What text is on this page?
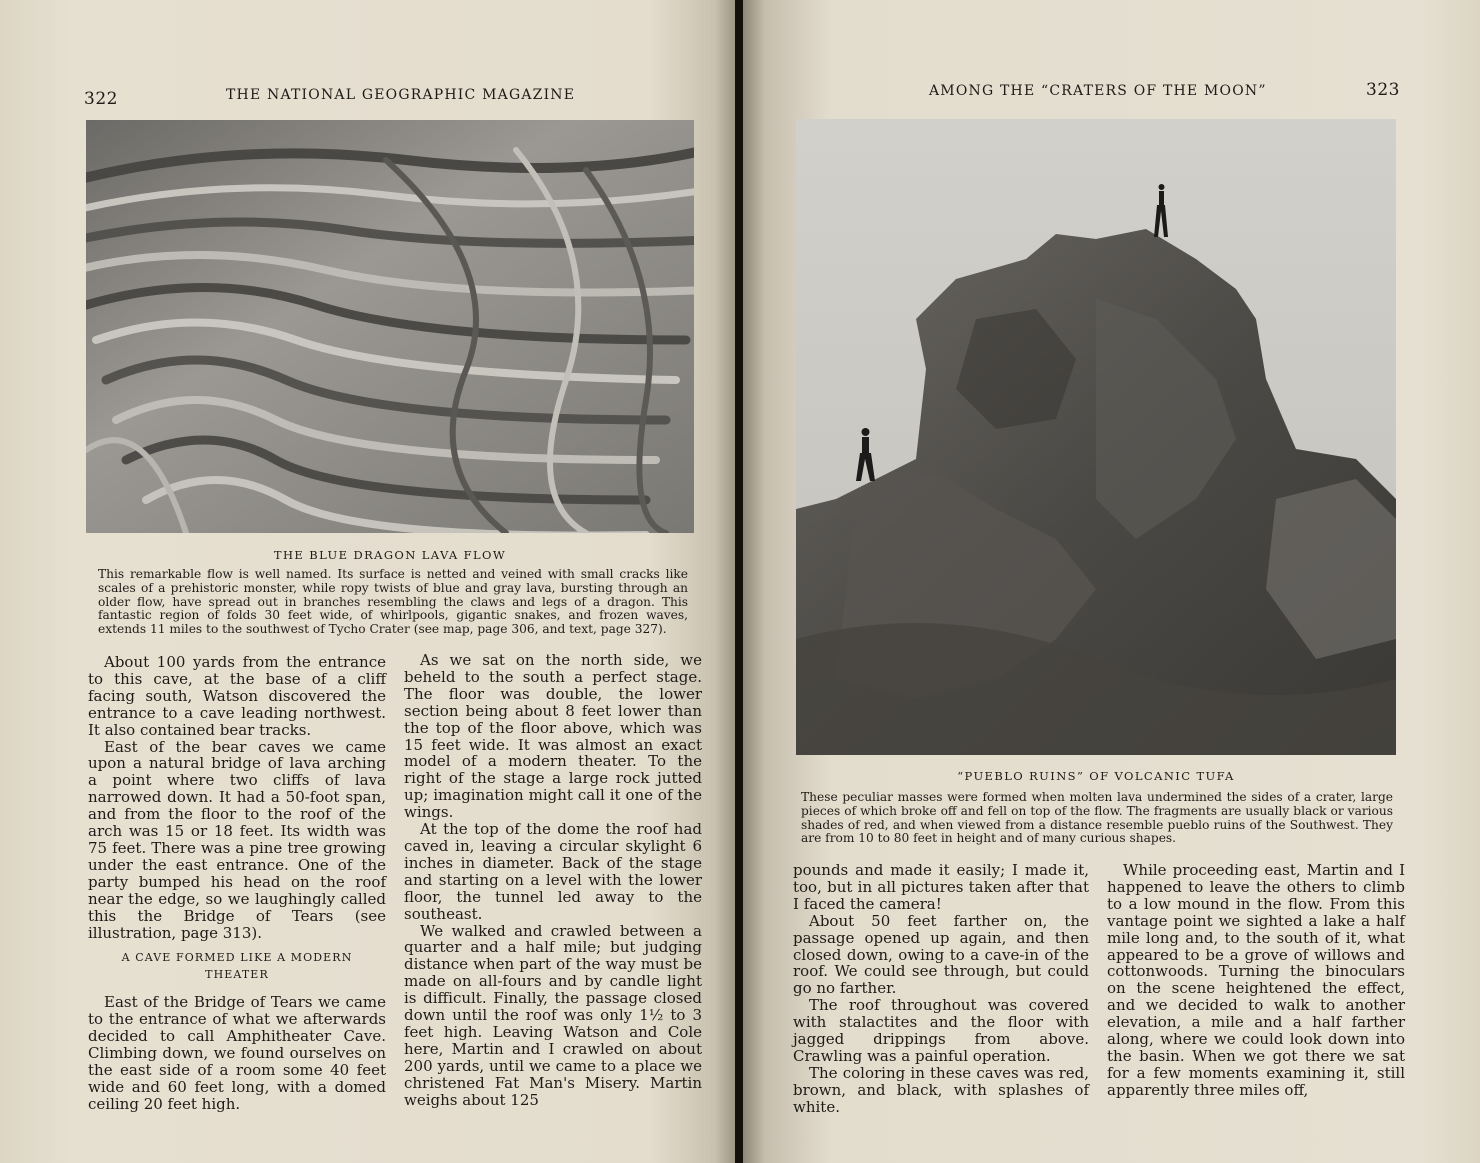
322	THE NATIONAL GEOGRAPHIC MAGAZINE
THE BLUE DRAGON LAVA FLOW
This remarkable flow is well named. Its surface is netted and veined with small cracks like scales of a prehistoric monster, while ropy twists of blue and gray lava, bursting through an older flow, have spread out in branches resembling the claws and legs of a dragon. This fantastic region of folds 30 feet wide, of whirlpools, gigantic snakes, and frozen waves, extends 11 miles to the southwest of Tycho Crater (see map, page 306, and text, page 327).

About 100 yards from the entrance to this cave, at the base of a cliff facing south, Watson discovered the entrance to a cave leading northwest. It also contained bear tracks.

East of the bear caves we came upon a natural bridge of lava arching a point where two cliffs of lava narrowed down. It had a 50-foot span, and from the floor to the roof of the arch was 15 or 18 feet. Its width was 75 feet. There was a pine tree growing under the east entrance. One of the party bumped his head on the roof near the edge, so we laughingly called this the Bridge of Tears (see illustration, page 313).

A CAVE FORMED LIKE A MODERN THEATER

East of the Bridge of Tears we came to the entrance of what we afterwards decided to call Amphitheater Cave. Climbing down, we found ourselves on the east side of a room some 40 feet wide and 60 feet long, with a domed ceiling 20 feet high.

As we sat on the north side, we beheld to the south a perfect stage. The floor was double, the lower section being about 8 feet lower than the top of the floor above, which was 15 feet wide. It was almost an exact model of a modern theater. To the right of the stage a large rock jutted up; imagination might call it one of the wings.

At the top of the dome the roof had caved in, leaving a circular skylight 6 inches in diameter. Back of the stage and starting on a level with the lower floor, the tunnel led away to the southeast.

We walked and crawled between a quarter and a half mile; but judging distance when part of the way must be made on all-fours and by candle light is difficult. Finally, the passage closed down until the roof was only 1½ to 3 feet high. Leaving Watson and Cole here, Martin and I crawled on about 200 yards, until we came to a place we christened Fat Man's Misery. Martin weighs about 125

AMONG THE “CRATERS OF THE MOON”	323
“PUEBLO RUINS” OF VOLCANIC TUFA
These peculiar masses were formed when molten lava undermined the sides of a crater, large pieces of which broke off and fell on top of the flow. The fragments are usually black or various shades of red, and when viewed from a distance resemble pueblo ruins of the Southwest. They are from 10 to 80 feet in height and of many curious shapes.

pounds and made it easily; I made it, too, but in all pictures taken after that I faced the camera!

About 50 feet farther on, the passage opened up again, and then closed down, owing to a cave-in of the roof. We could see through, but could go no farther.

The roof throughout was covered with stalactites and the floor with jagged drippings from above. Crawling was a painful operation.

The coloring in these caves was red, brown, and black, with splashes of white.

While proceeding east, Martin and I happened to leave the others to climb to a low mound in the flow. From this vantage point we sighted a lake a half mile long and, to the south of it, what appeared to be a grove of willows and cottonwoods. Turning the binoculars on the scene heightened the effect, and we decided to walk to another elevation, a mile and a half farther along, where we could look down into the basin. When we got there we sat for a few moments examining it, still apparently three miles off,
